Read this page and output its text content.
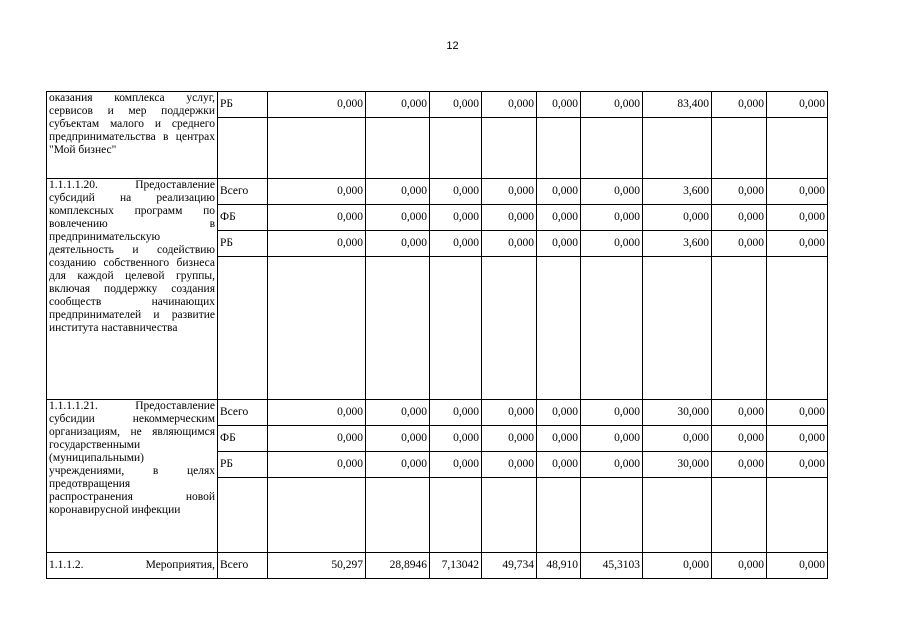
12
оказания комплекса услуг, сервисов и мер поддержки субъектам малого и среднего предпринимательства в центрах "Мой бизнес"	РБ	0,000	0,000	0,000	0,000	0,000	0,000	83,400	0,000	0,000

1.1.1.1.20. Предоставление субсидий на реализацию комплексных программ по вовлечению в предпринимательскую деятельность и содействию созданию собственного бизнеса для каждой целевой группы, включая поддержку создания сообществ начинающих предпринимателей и развитие института наставничества	Всего	0,000	0,000	0,000	0,000	0,000	0,000	3,600	0,000	0,000
	ФБ	0,000	0,000	0,000	0,000	0,000	0,000	0,000	0,000	0,000
	РБ	0,000	0,000	0,000	0,000	0,000	0,000	3,600	0,000	0,000

1.1.1.1.21. Предоставление субсидии некоммерческим организациям, не являющимся государственными (муниципальными) учреждениями, в целях предотвращения распространения новой коронавирусной инфекции	Всего	0,000	0,000	0,000	0,000	0,000	0,000	30,000	0,000	0,000
	ФБ	0,000	0,000	0,000	0,000	0,000	0,000	0,000	0,000	0,000
	РБ	0,000	0,000	0,000	0,000	0,000	0,000	30,000	0,000	0,000

1.1.1.2. Мероприятия,	Всего	50,297	28,8946	7,13042	49,734	48,910	45,3103	0,000	0,000	0,000
